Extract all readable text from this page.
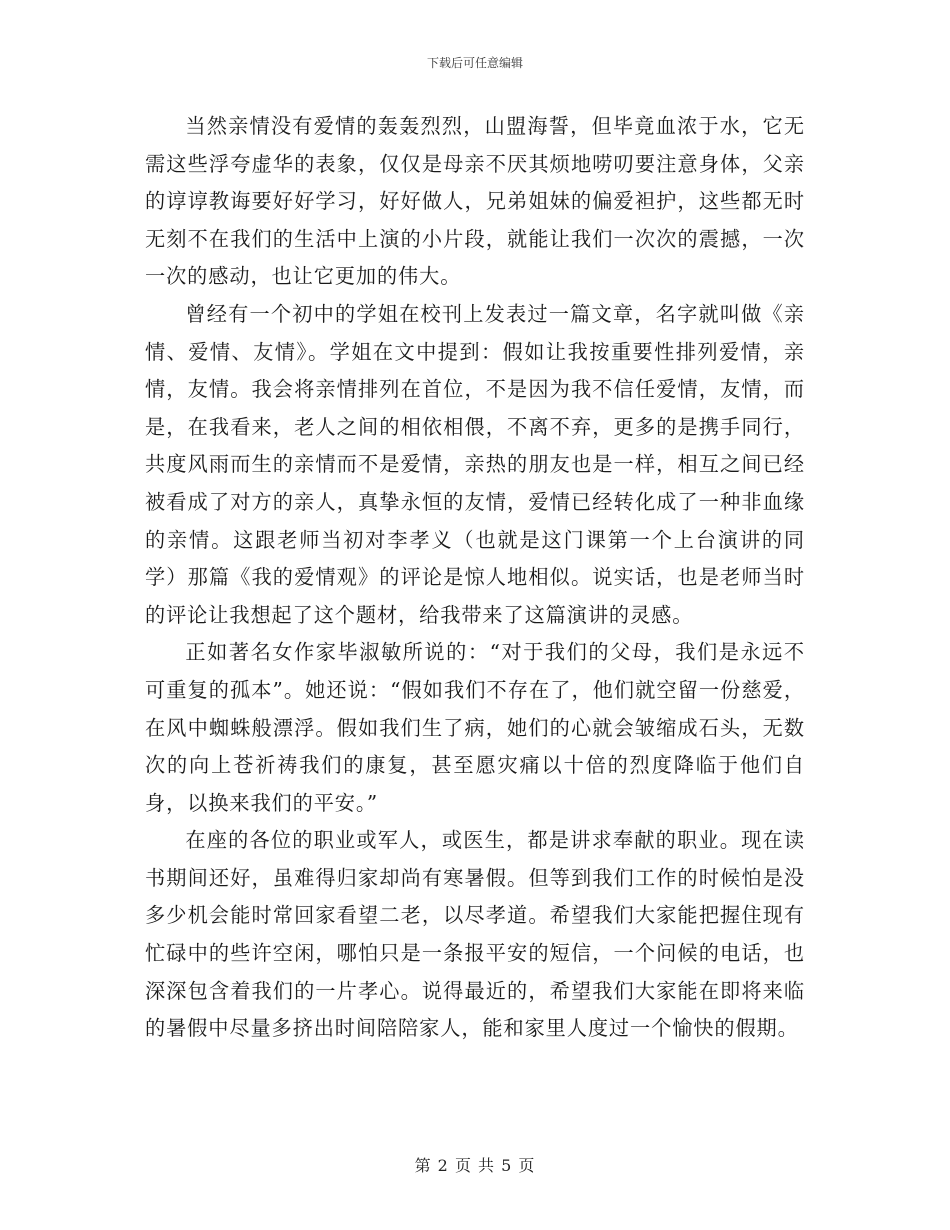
下载后可任意编辑

当然亲情没有爱情的轰轰烈烈，山盟海誓，但毕竟血浓于水，它无需这些浮夸虚华的表象，仅仅是母亲不厌其烦地唠叨要注意身体，父亲的谆谆教诲要好好学习，好好做人，兄弟姐妹的偏爱袒护，这些都无时无刻不在我们的生活中上演的小片段，就能让我们一次次的震撼，一次一次的感动，也让它更加的伟大。

曾经有一个初中的学姐在校刊上发表过一篇文章，名字就叫做《亲情、爱情、友情》。学姐在文中提到：假如让我按重要性排列爱情，亲情，友情。我会将亲情排列在首位，不是因为我不信任爱情，友情，而是，在我看来，老人之间的相依相偎，不离不弃，更多的是携手同行，共度风雨而生的亲情而不是爱情，亲热的朋友也是一样，相互之间已经被看成了对方的亲人，真挚永恒的友情，爱情已经转化成了一种非血缘的亲情。这跟老师当初对李孝义（也就是这门课第一个上台演讲的同学）那篇《我的爱情观》的评论是惊人地相似。说实话，也是老师当时的评论让我想起了这个题材，给我带来了这篇演讲的灵感。

正如著名女作家毕淑敏所说的：“对于我们的父母，我们是永远不可重复的孤本”。她还说：“假如我们不存在了，他们就空留一份慈爱，在风中蜘蛛般漂浮。假如我们生了病，她们的心就会皱缩成石头，无数次的向上苍祈祷我们的康复，甚至愿灾痛以十倍的烈度降临于他们自身，以换来我们的平安。”

在座的各位的职业或军人，或医生，都是讲求奉献的职业。现在读书期间还好，虽难得归家却尚有寒暑假。但等到我们工作的时候怕是没多少机会能时常回家看望二老，以尽孝道。希望我们大家能把握住现有忙碌中的些许空闲，哪怕只是一条报平安的短信，一个问候的电话，也深深包含着我们的一片孝心。说得最近的，希望我们大家能在即将来临的暑假中尽量多挤出时间陪陪家人，能和家里人度过一个愉快的假期。

第 2 页 共 5 页
